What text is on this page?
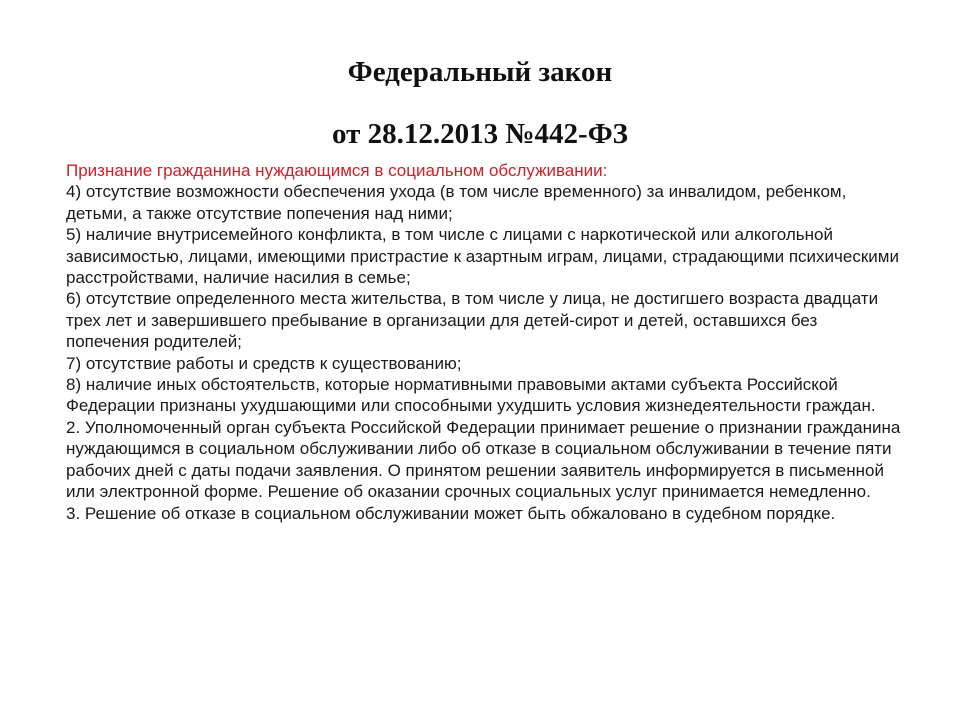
Федеральный закон
от 28.12.2013 №442-ФЗ
Признание гражданина нуждающимся в социальном обслуживании:
4) отсутствие возможности обеспечения ухода (в том числе временного) за инвалидом, ребенком, детьми, а также отсутствие попечения над ними;
5) наличие внутрисемейного конфликта, в том числе с лицами с наркотической или алкогольной зависимостью, лицами, имеющими пристрастие к азартным играм, лицами, страдающими психическими расстройствами, наличие насилия в семье;
6) отсутствие определенного места жительства, в том числе у лица, не достигшего возраста двадцати трех лет и завершившего пребывание в организации для детей-сирот и детей, оставшихся без попечения родителей;
7) отсутствие работы и средств к существованию;
8) наличие иных обстоятельств, которые нормативными правовыми актами субъекта Российской Федерации признаны ухудшающими или способными ухудшить условия жизнедеятельности граждан.
2. Уполномоченный орган субъекта Российской Федерации принимает решение о признании гражданина нуждающимся в социальном обслуживании либо об отказе в социальном обслуживании в течение пяти рабочих дней с даты подачи заявления. О принятом решении заявитель информируется в письменной или электронной форме. Решение об оказании срочных социальных услуг принимается немедленно.
3. Решение об отказе в социальном обслуживании может быть обжаловано в судебном порядке.
